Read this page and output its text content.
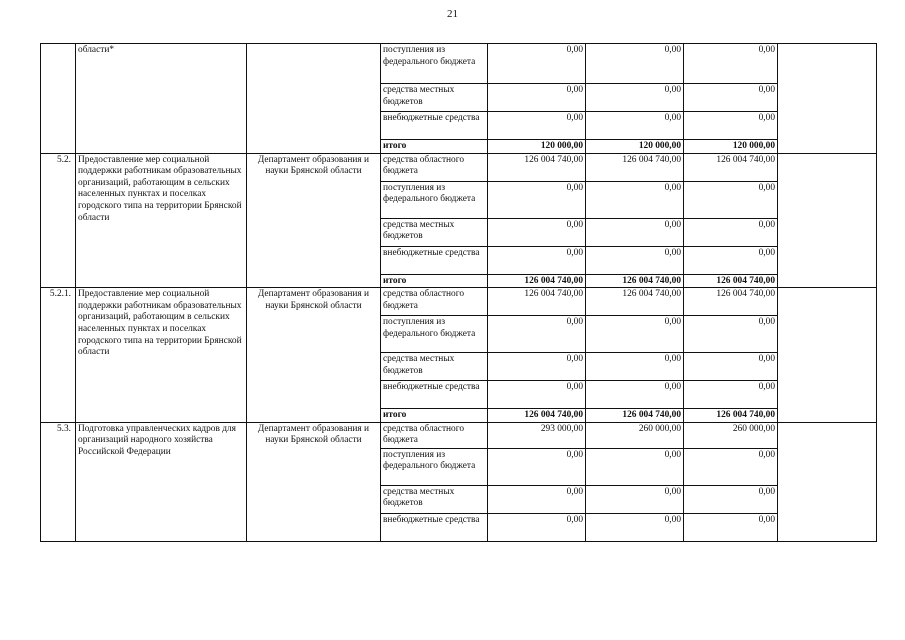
21
	области*		поступления из федерального бюджета	0,00	0,00	0,00	
			средства местных бюджетов	0,00	0,00	0,00	
			внебюджетные средства	0,00	0,00	0,00	
			итого	120 000,00	120 000,00	120 000,00	
5.2.	Предоставление мер социальной поддержки работникам образовательных организаций, работающим в сельских населенных пунктах и поселках городского типа на территории Брянской области	Департамент образования и науки Брянской области	средства областного бюджета	126 004 740,00	126 004 740,00	126 004 740,00	
			поступления из федерального бюджета	0,00	0,00	0,00	
			средства местных бюджетов	0,00	0,00	0,00	
			внебюджетные средства	0,00	0,00	0,00	
			итого	126 004 740,00	126 004 740,00	126 004 740,00	
5.2.1.	Предоставление мер социальной поддержки работникам образовательных организаций, работающим в сельских населенных пунктах и поселках городского типа на территории Брянской области	Департамент образования и науки Брянской области	средства областного бюджета	126 004 740,00	126 004 740,00	126 004 740,00	
			поступления из федерального бюджета	0,00	0,00	0,00	
			средства местных бюджетов	0,00	0,00	0,00	
			внебюджетные средства	0,00	0,00	0,00	
			итого	126 004 740,00	126 004 740,00	126 004 740,00	
5.3.	Подготовка управленческих кадров для организаций народного хозяйства Российской Федерации	Департамент образования и науки Брянской области	средства областного бюджета	293 000,00	260 000,00	260 000,00	
			поступления из федерального бюджета	0,00	0,00	0,00	
			средства местных бюджетов	0,00	0,00	0,00	
			внебюджетные средства	0,00	0,00	0,00	
